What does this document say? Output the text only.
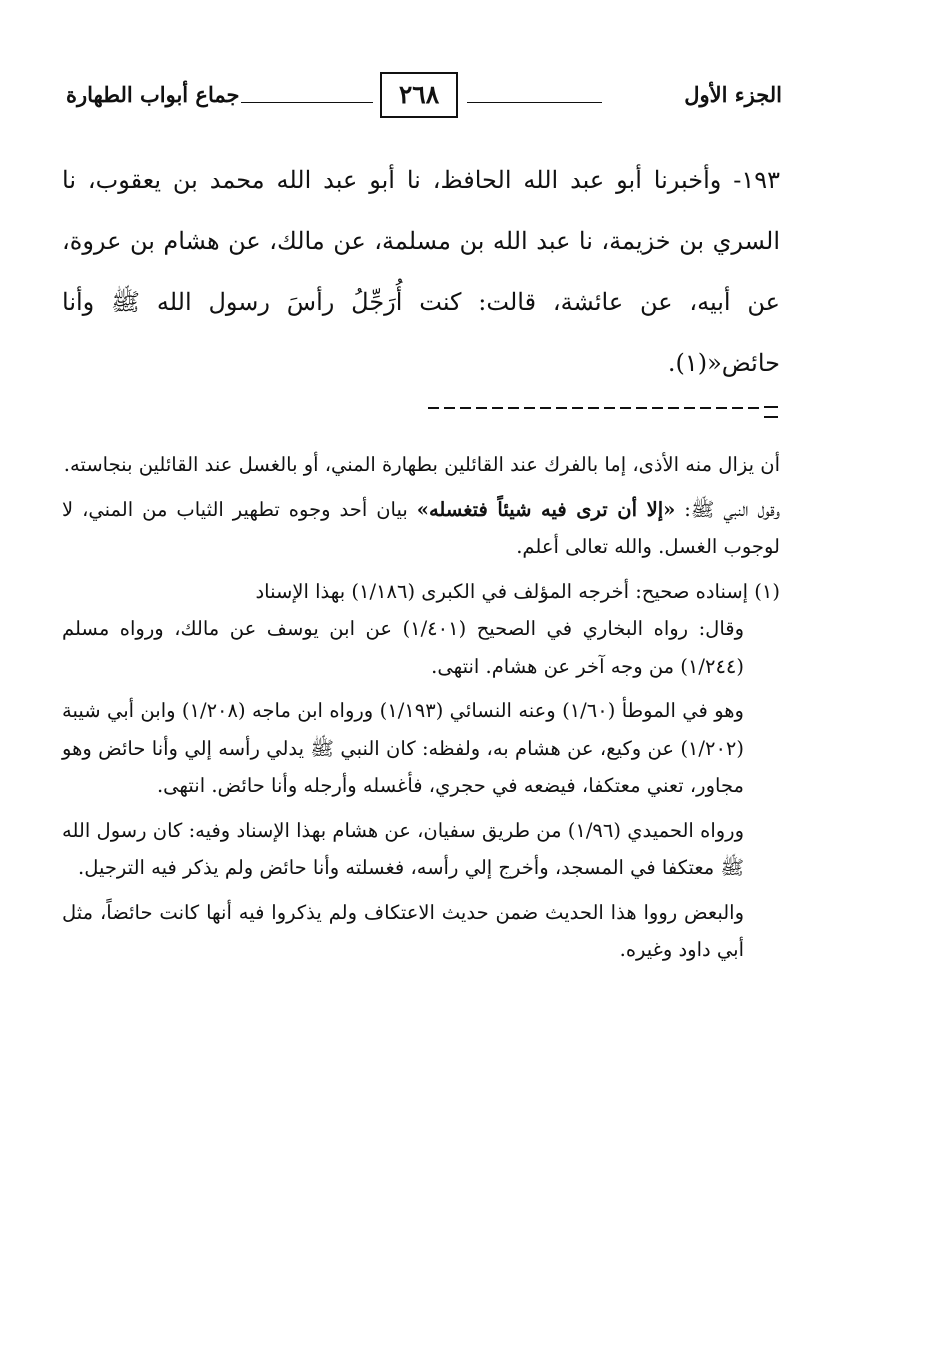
الجزء الأول
٢٦٨
جماع أبواب الطهارة

١٩٣- وأخبرنا أبو عبد الله الحافظ، نا أبو عبد الله محمد بن يعقوب، نا السري بن خزيمة، نا عبد الله بن مسلمة، عن مالك، عن هشام بن عروة، عن أبيه، عن عائشة، قالت: كنت أُرَجِّلُ رأسَ رسول الله ﷺ وأنا حائض«(١).

أن يزال منه الأذى، إما بالفرك عند القائلين بطهارة المني، أو بالغسل عند القائلين بنجاسته.

وقول النبي ﷺ: «إلا أن ترى فيه شيئاً فتغسله» بيان أحد وجوه تطهير الثياب من المني، لا لوجوب الغسل. والله تعالى أعلم.

(١) إسناده صحيح: أخرجه المؤلف في الكبرى (١/١٨٦) بهذا الإسناد

وقال: رواه البخاري في الصحيح (١/٤٠١) عن ابن يوسف عن مالك، ورواه مسلم (١/٢٤٤) من وجه آخر عن هشام. انتهى.

وهو في الموطأ (١/٦٠) وعنه النسائي (١/١٩٣) ورواه ابن ماجه (١/٢٠٨) وابن أبي شيبة (١/٢٠٢) عن وكيع، عن هشام به، ولفظه: كان النبي ﷺ يدلي رأسه إلي وأنا حائض وهو مجاور، تعني معتكفا، فيضعه في حجري، فأغسله وأرجله وأنا حائض. انتهى.

ورواه الحميدي (١/٩٦) من طريق سفيان، عن هشام بهذا الإسناد وفيه: كان رسول الله ﷺ معتكفا في المسجد، وأخرج إلي رأسه، فغسلته وأنا حائض ولم يذكر فيه الترجيل.

والبعض رووا هذا الحديث ضمن حديث الاعتكاف ولم يذكروا فيه أنها كانت حائضاً، مثل أبي داود وغيره.
